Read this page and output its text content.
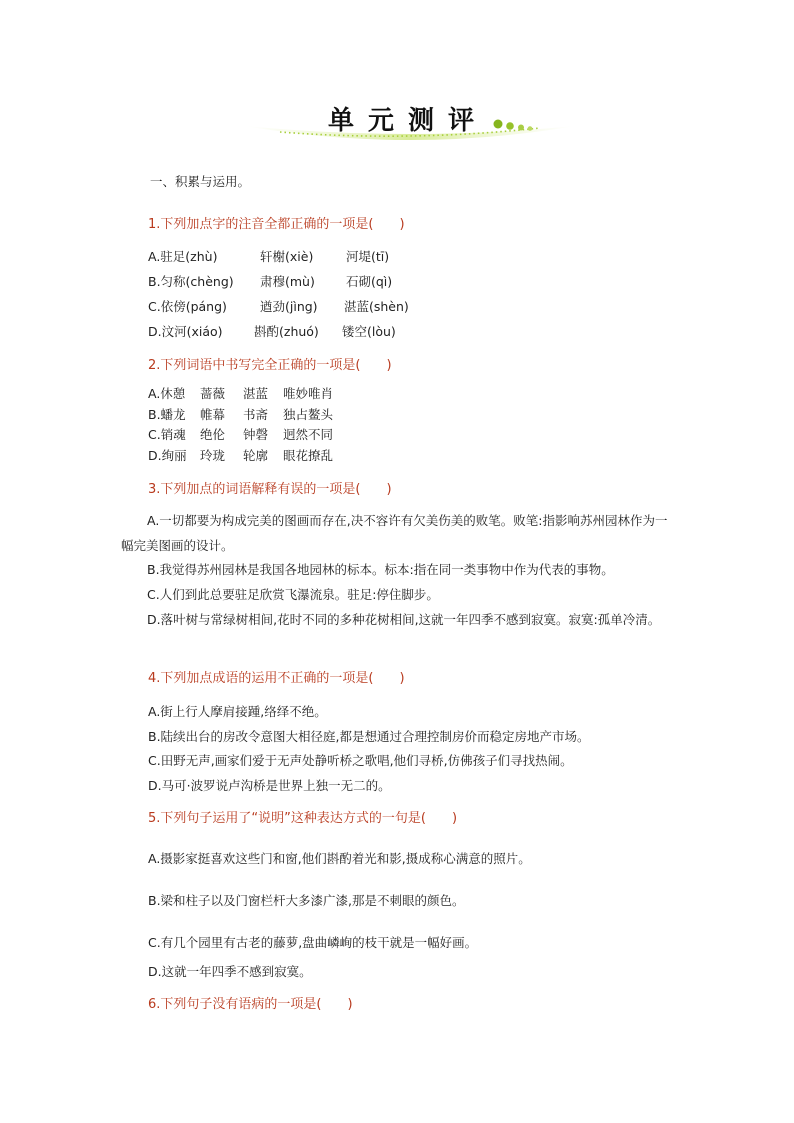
单元测评
一、积累与运用。
1.下列加点字的注音全都正确的一项是(　　)
A.驻足(zhù)	轩榭(xiè)	河堤(tī)
B.匀称(chèng) 肃穆(mù) 石砌(qì)
C.依傍(páng)	遒劲(jìng) 湛蓝(shèn)
D.汶河(xiáo)	斟酌(zhuó) 镂空(lòu)
2.下列词语中书写完全正确的一项是(　　)
A.休憩 蔷薇 湛蓝 唯妙唯肖
B.蟠龙 帷幕 书斋 独占鳌头
C.销魂 绝伦 钟磬 迥然不同
D.绚丽 玲珑 轮廓 眼花撩乱
3.下列加点的词语解释有误的一项是(　　)
A.一切都要为构成完美的图画而存在,决不容许有欠美伤美的败笔。败笔:指影响苏州园林作为一幅完美图画的设计。
B.我觉得苏州园林是我国各地园林的标本。标本:指在同一类事物中作为代表的事物。
C.人们到此总要驻足欣赏飞瀑流泉。驻足:停住脚步。
D.落叶树与常绿树相间,花时不同的多种花树相间,这就一年四季不感到寂寞。寂寞:孤单冷清。
4.下列加点成语的运用不正确的一项是(　　)
A.街上行人摩肩接踵,络绎不绝。
B.陆续出台的房改令意图大相径庭,都是想通过合理控制房价而稳定房地产市场。
C.田野无声,画家们爱于无声处静听桥之歌唱,他们寻桥,仿佛孩子们寻找热闹。
D.马可·波罗说卢沟桥是世界上独一无二的。
5.下列句子运用了“说明”这种表达方式的一句是(　　)
A.摄影家挺喜欢这些门和窗,他们斟酌着光和影,摄成称心满意的照片。
B.梁和柱子以及门窗栏杆大多漆广漆,那是不刺眼的颜色。
C.有几个园里有古老的藤萝,盘曲嶙峋的枝干就是一幅好画。
D.这就一年四季不感到寂寞。
6.下列句子没有语病的一项是(　　)
